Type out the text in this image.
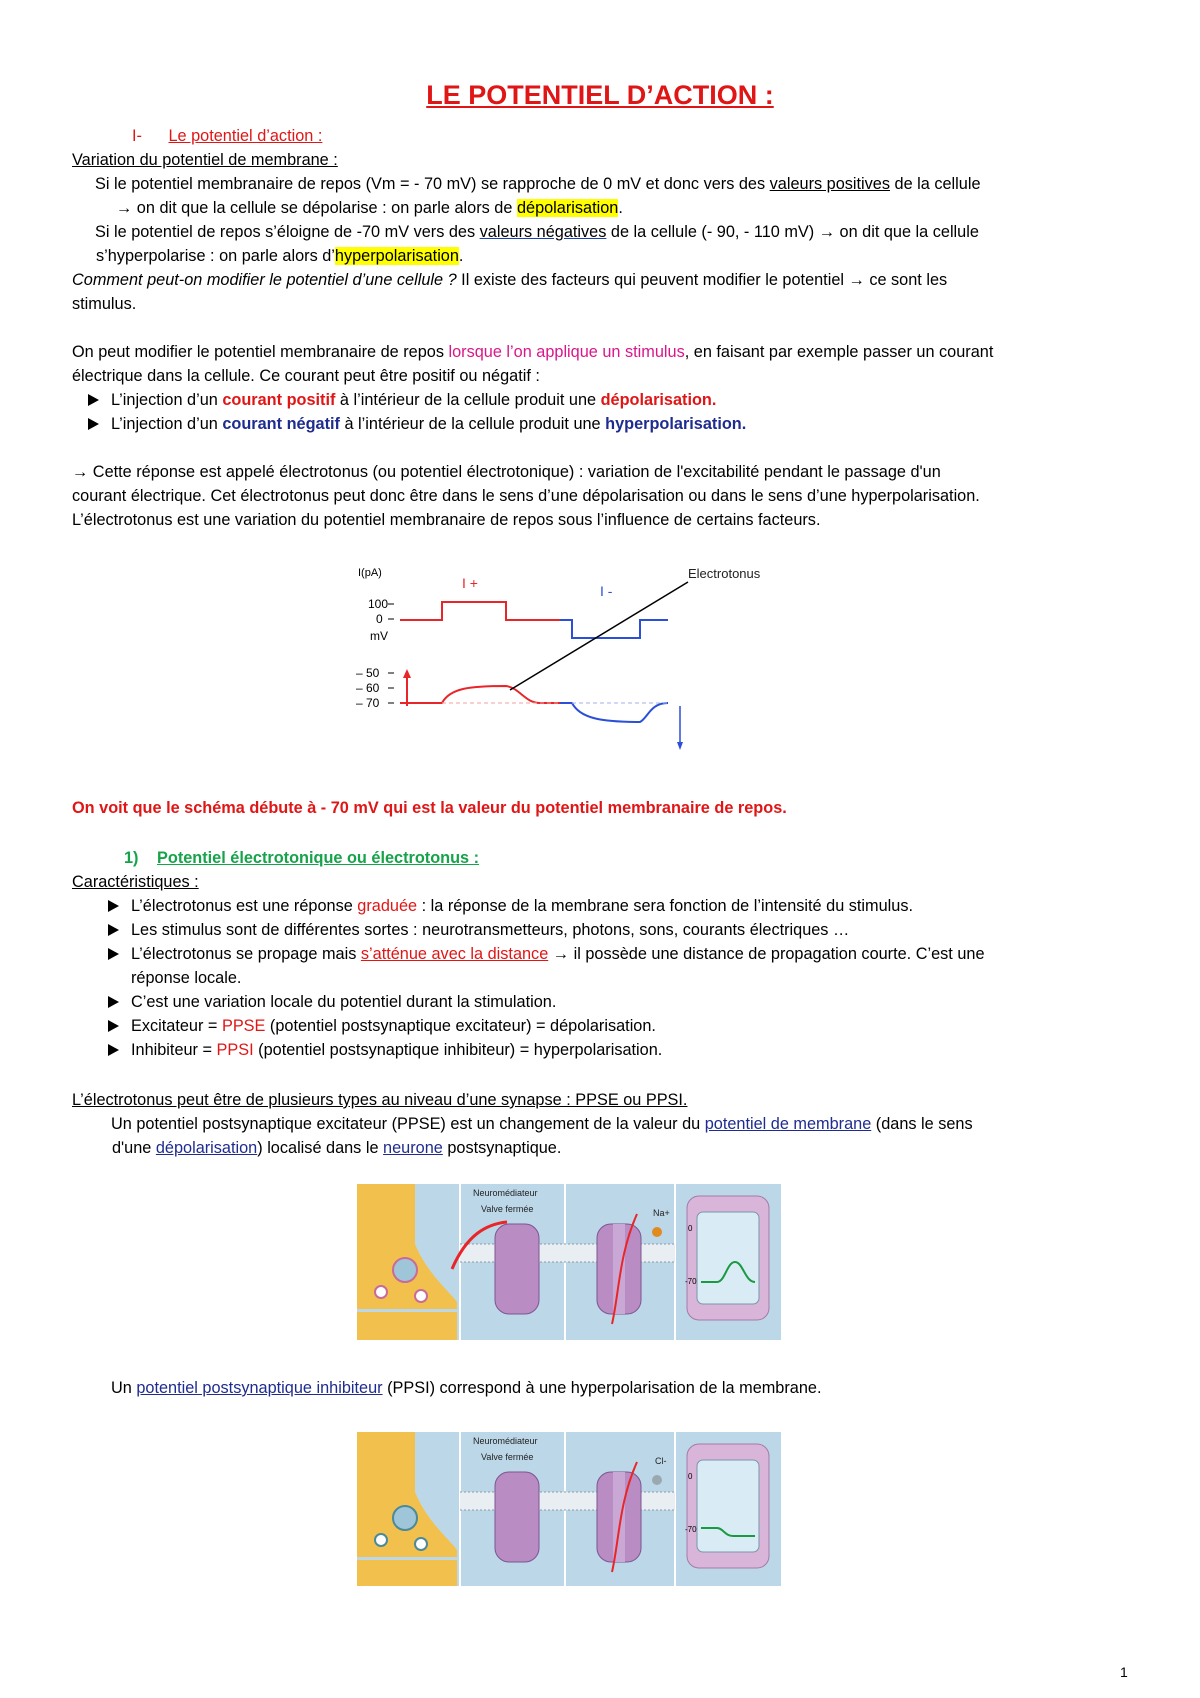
LE POTENTIEL D’ACTION :
I- Le potentiel d’action :
Variation du potentiel de membrane :
Si le potentiel membranaire de repos (Vm = - 70 mV) se rapproche de 0 mV et donc vers des valeurs positives de la cellule
→ on dit que la cellule se dépolarise : on parle alors de dépolarisation.
Si le potentiel de repos s’éloigne de -70 mV vers des valeurs négatives de la cellule (- 90, - 110 mV) → on dit que la cellule
s’hyperpolarise : on parle alors d’hyperpolarisation.
Comment peut-on modifier le potentiel d’une cellule ? Il existe des facteurs qui peuvent modifier le potentiel → ce sont les
stimulus.
On peut modifier le potentiel membranaire de repos lorsque l’on applique un stimulus, en faisant par exemple passer un courant
électrique dans la cellule. Ce courant peut être positif ou négatif :
L’injection d’un courant positif à l’intérieur de la cellule produit une dépolarisation.
L’injection d’un courant négatif à l’intérieur de la cellule produit une hyperpolarisation.
→ Cette réponse est appelé électrotonus (ou potentiel électrotonique) : variation de l'excitabilité pendant le passage d'un
courant électrique. Cet électrotonus peut donc être dans le sens d’une dépolarisation ou dans le sens d’une hyperpolarisation.
L’électrotonus est une variation du potentiel membranaire de repos sous l’influence de certains facteurs.
I(pA)
100
0
mV
I +	I -
Electrotonus
– 50
– 60
– 70
On voit que le schéma débute à - 70 mV qui est la valeur du potentiel membranaire de repos.
1) Potentiel électrotonique ou électrotonus :
Caractéristiques :
L’électrotonus est une réponse graduée : la réponse de la membrane sera fonction de l’intensité du stimulus.
Les stimulus sont de différentes sortes : neurotransmetteurs, photons, sons, courants électriques …
L’électrotonus se propage mais s’atténue avec la distance → il possède une distance de propagation courte. C’est une
réponse locale.
C’est une variation locale du potentiel durant la stimulation.
Excitateur = PPSE (potentiel postsynaptique excitateur) = dépolarisation.
Inhibiteur = PPSI (potentiel postsynaptique inhibiteur) = hyperpolarisation.
L’électrotonus peut être de plusieurs types au niveau d’une synapse : PPSE ou PPSI.
Un potentiel postsynaptique excitateur (PPSE) est un changement de la valeur du potentiel de membrane (dans le sens
d'une dépolarisation) localisé dans le neurone postsynaptique.
Neuromédiateur
Valve fermée	Na+
0
-70
Un potentiel postsynaptique inhibiteur (PPSI) correspond à une hyperpolarisation de la membrane.
Neuromédiateur
Valve fermée	Cl-
0
-70
1
